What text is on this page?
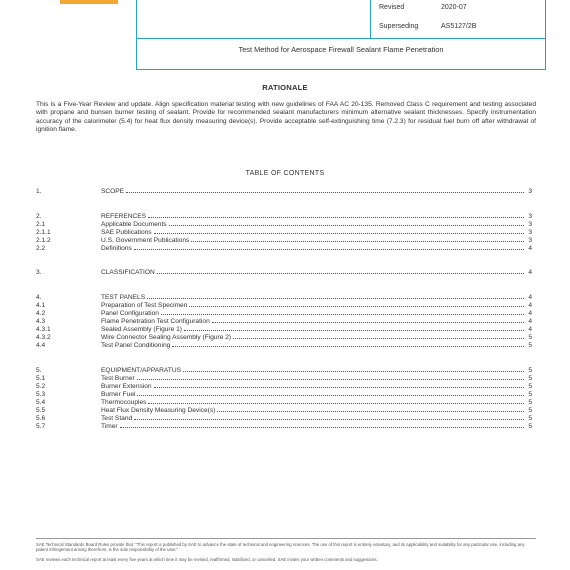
Revised	2020-07
Superseding	AS5127/2B
Test Method for Aerospace Firewall Sealant Flame Penetration
RATIONALE
This is a Five-Year Review and update. Align specification material testing with new guidelines of FAA AC 20-135. Removed Class C requirement and testing associated with propane and bunsen burner testing of sealant. Provide for recommended sealant manufacturers minimum alternative sealant thicknesses. Specify instrumentation accuracy of the calorimeter (5.4) for heat flux density measuring device(s). Provide acceptable self-extinguishing time (7.2.3) for residual fuel burn off after withdrawal of ignition flame.
TABLE OF CONTENTS
1.	SCOPE	3
2.	REFERENCES	3
2.1	Applicable Documents	3
2.1.1	SAE Publications	3
2.1.2	U.S. Government Publications	3
2.2	Definitions	4
3.	CLASSIFICATION	4
4.	TEST PANELS	4
4.1	Preparation of Test Specimen	4
4.2	Panel Configuration	4
4.3	Flame Penetration Test Configuration	4
4.3.1	Sealed Assembly (Figure 1)	4
4.3.2	Wire Connector Sealing Assembly (Figure 2)	5
4.4	Test Panel Conditioning	5
5.	EQUIPMENT/APPARATUS	5
5.1	Test Burner	5
5.2	Burner Extension	5
5.3	Burner Fuel	5
5.4	Thermocouples	5
5.5	Heat Flux Density Measuring Device(s)	5
5.6	Test Stand	5
5.7	Timer	5
SAE Technical Standards Board Rules provide that: "This report is published by SAE to advance the state of technical and engineering sciences. The use of this report is entirely voluntary, and its applicability and suitability for any particular use, including any patent infringement arising therefrom, is the sole responsibility of the user."
SAE reviews each technical report at least every five years at which time it may be revised, reaffirmed, stabilized, or cancelled. SAE invites your written comments and suggestions.
